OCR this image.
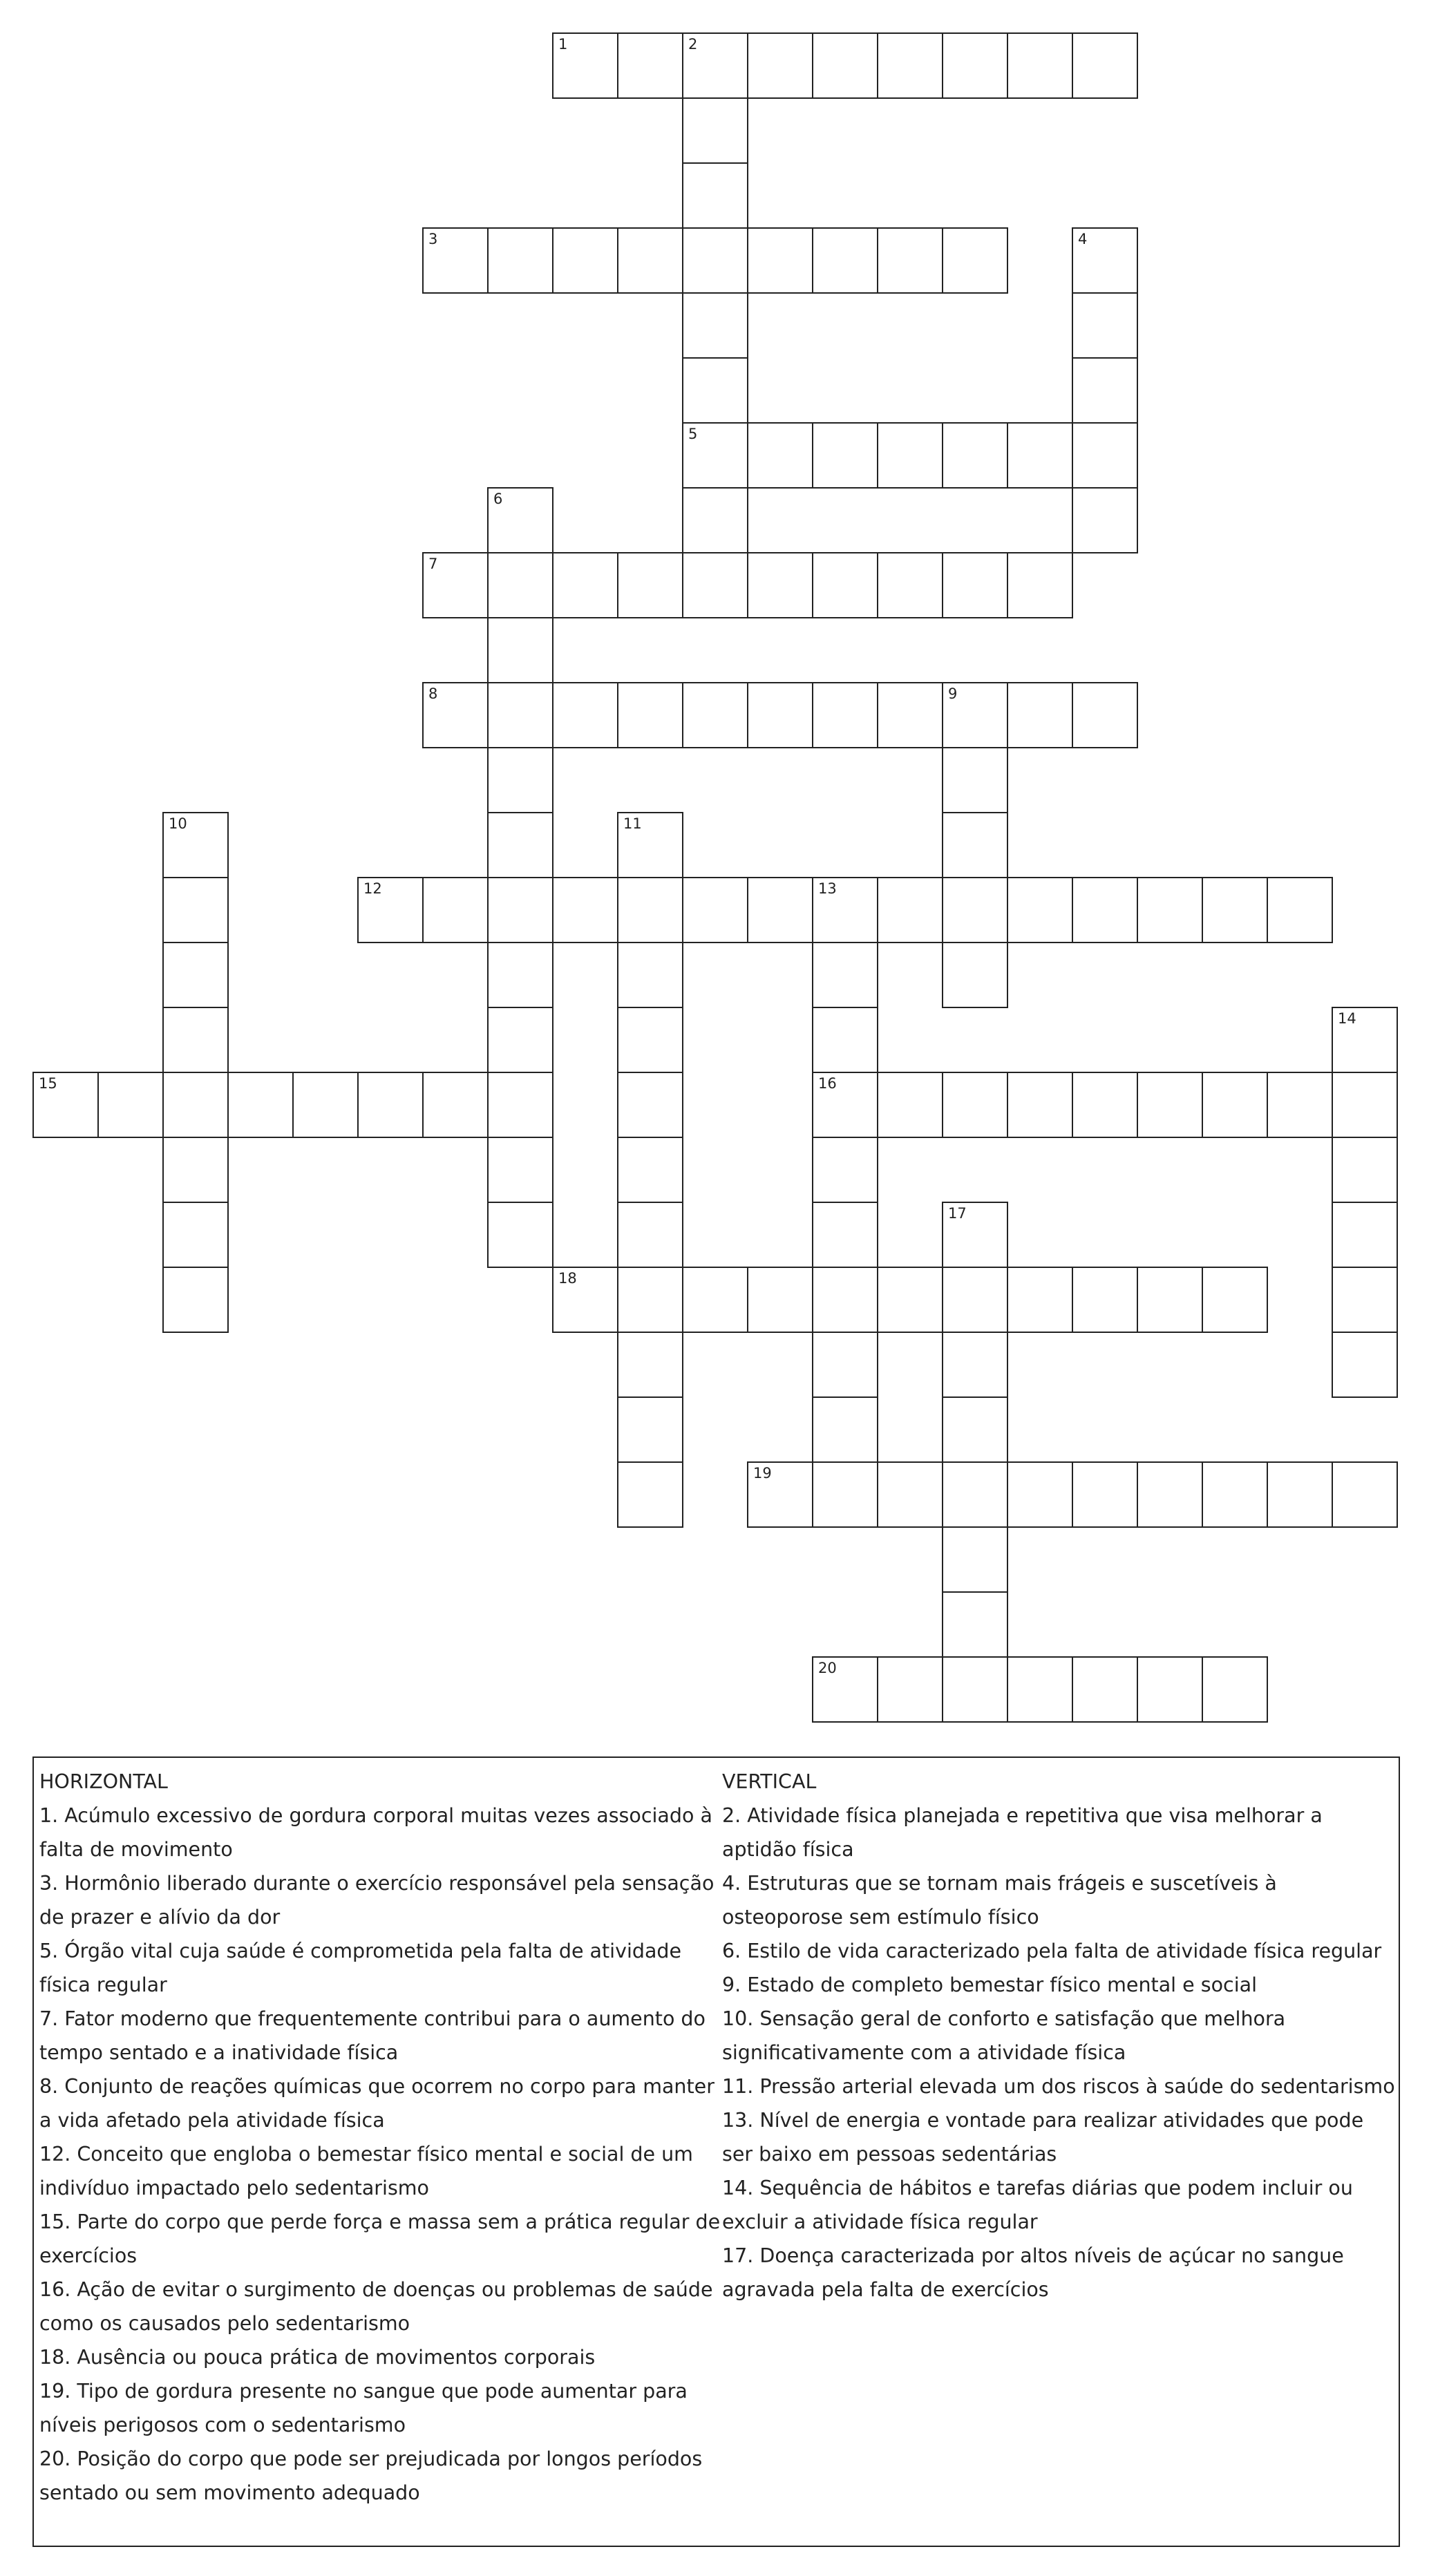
1	2
5
3	4
6
7
8	9
10	11
12	13
16
14
15
17
18
19
20
HORIZONTAL
1. Acúmulo excessivo de gordura corporal muitas vezes associado à falta de movimento
3. Hormônio liberado durante o exercício responsável pela sensação de prazer e alívio da dor
5. Órgão vital cuja saúde é comprometida pela falta de atividade física regular
7. Fator moderno que frequentemente contribui para o aumento do tempo sentado e a inatividade física
8. Conjunto de reações químicas que ocorrem no corpo para manter a vida afetado pela atividade física
12. Conceito que engloba o bemestar físico mental e social de um indivíduo impactado pelo sedentarismo
15. Parte do corpo que perde força e massa sem a prática regular de exercícios
16. Ação de evitar o surgimento de doenças ou problemas de saúde como os causados pelo sedentarismo
18. Ausência ou pouca prática de movimentos corporais
19. Tipo de gordura presente no sangue que pode aumentar para níveis perigosos com o sedentarismo
20. Posição do corpo que pode ser prejudicada por longos períodos sentado ou sem movimento adequado
VERTICAL
2. Atividade física planejada e repetitiva que visa melhorar a aptidão física
4. Estruturas que se tornam mais frágeis e suscetíveis à osteoporose sem estímulo físico
6. Estilo de vida caracterizado pela falta de atividade física regular
9. Estado de completo bemestar físico mental e social
10. Sensação geral de conforto e satisfação que melhora significativamente com a atividade física
11. Pressão arterial elevada um dos riscos à saúde do sedentarismo
13. Nível de energia e vontade para realizar atividades que pode ser baixo em pessoas sedentárias
14. Sequência de hábitos e tarefas diárias que podem incluir ou excluir a atividade física regular
17. Doença caracterizada por altos níveis de açúcar no sangue agravada pela falta de exercícios
